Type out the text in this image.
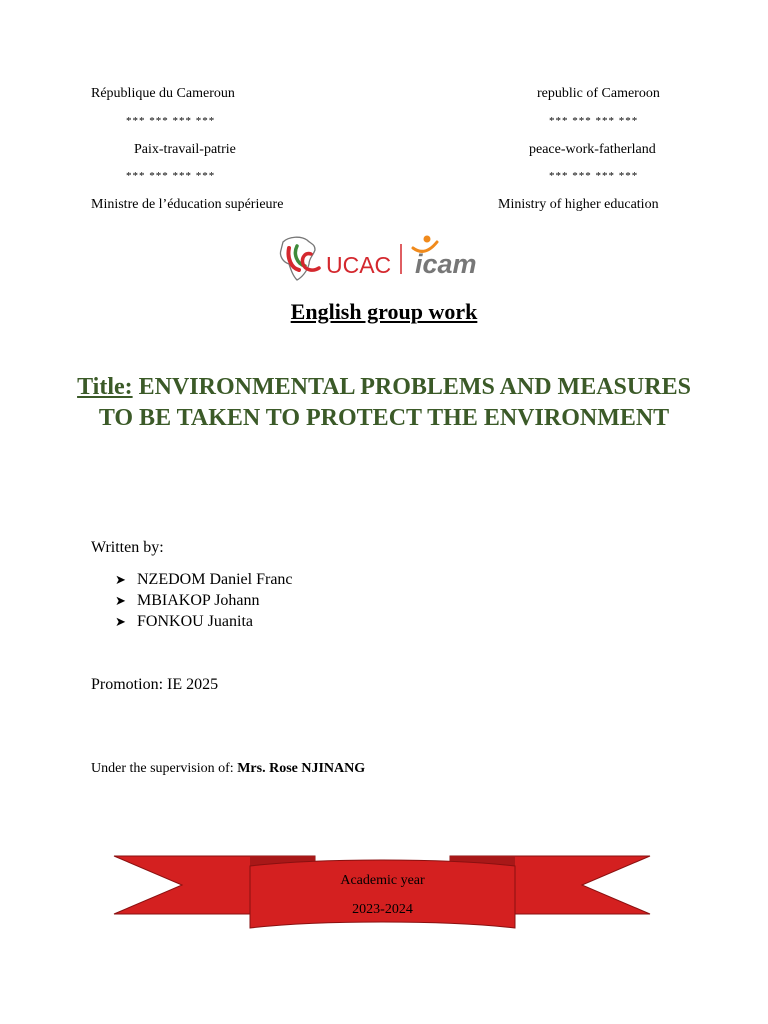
République du Cameroun
*** *** *** ***
Paix-travail-patrie
*** *** *** ***
Ministre de l’éducation supérieure
republic of Cameroon
*** *** *** ***
peace-work-fatherland
*** *** *** ***
Ministry of higher education
UCAC icam
English group work
Title: ENVIRONMENTAL PROBLEMS AND MEASURES TO BE TAKEN TO PROTECT THE ENVIRONMENT
Written by:
➤ NZEDOM Daniel Franc
➤ MBIAKOP Johann
➤ FONKOU Juanita
Promotion: IE 2025
Under the supervision of: Mrs. Rose NJINANG
Academic year
2023-2024
